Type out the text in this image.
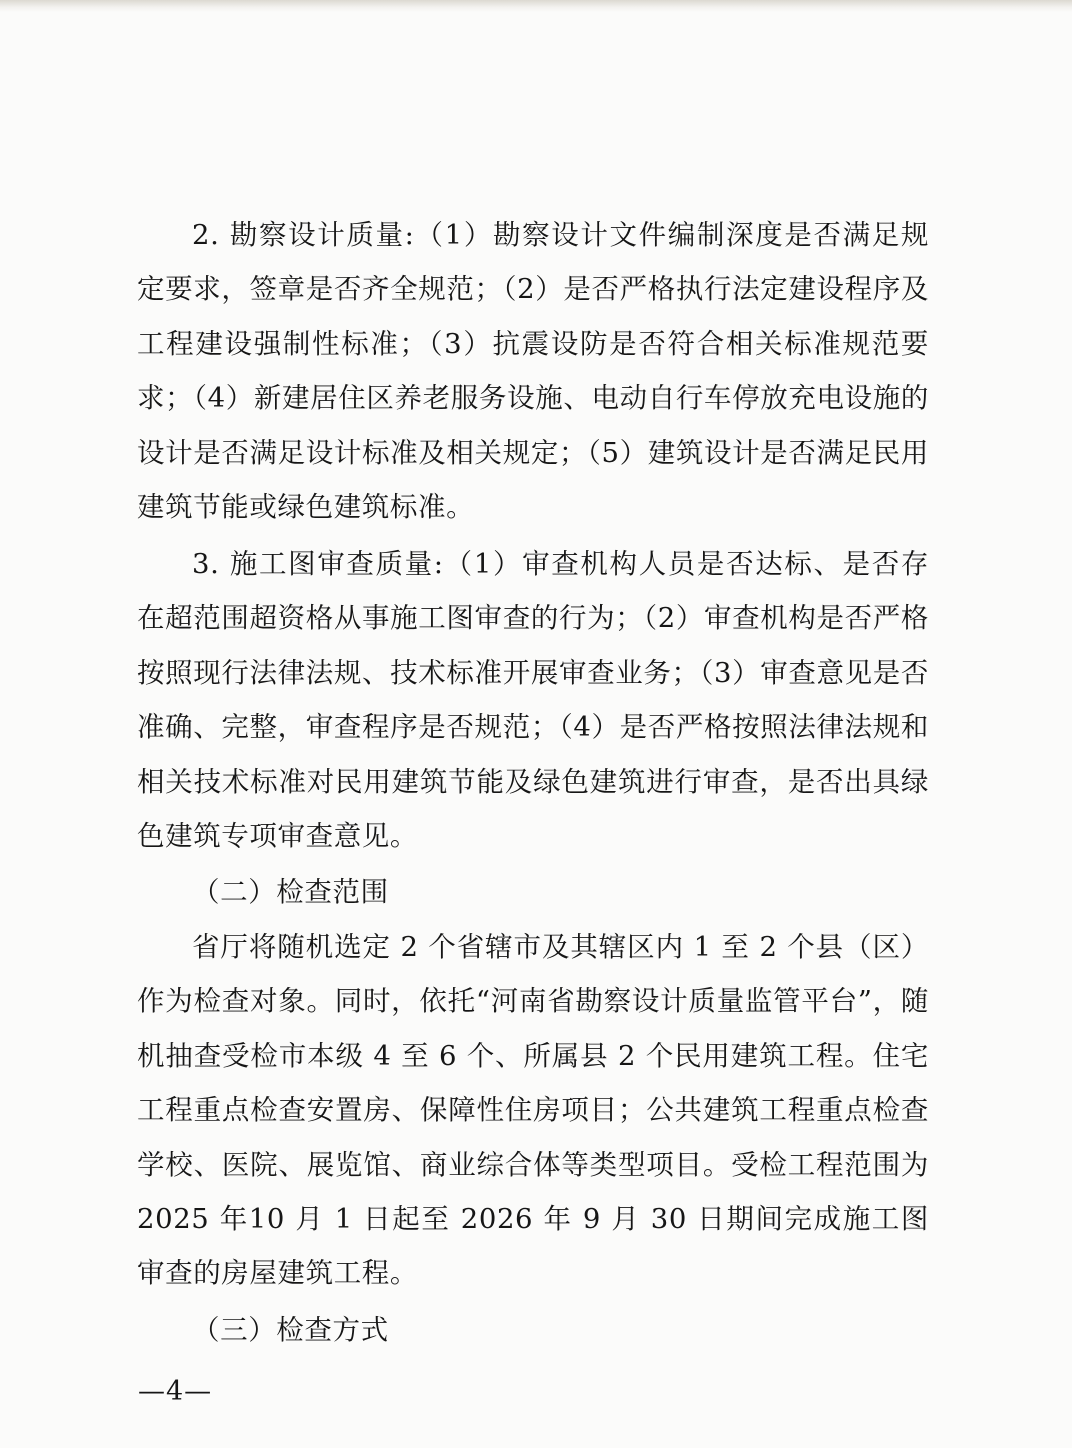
2. 勘察设计质量:（1）勘察设计文件编制深度是否满足规定要求，签章是否齐全规范；（2）是否严格执行法定建设程序及工程建设强制性标准；（3）抗震设防是否符合相关标准规范要求；（4）新建居住区养老服务设施、电动自行车停放充电设施的设计是否满足设计标准及相关规定；（5）建筑设计是否满足民用建筑节能或绿色建筑标准。

3. 施工图审查质量:（1）审查机构人员是否达标、是否存在超范围超资格从事施工图审查的行为；（2）审查机构是否严格按照现行法律法规、技术标准开展审查业务；（3）审查意见是否准确、完整，审查程序是否规范；（4）是否严格按照法律法规和相关技术标准对民用建筑节能及绿色建筑进行审查，是否出具绿色建筑专项审查意见。

（二）检查范围

省厅将随机选定 2 个省辖市及其辖区内 1 至 2 个县（区）作为检查对象。同时，依托“河南省勘察设计质量监管平台”，随机抽查受检市本级 4 至 6 个、所属县 2 个民用建筑工程。住宅工程重点检查安置房、保障性住房项目；公共建筑工程重点检查学校、医院、展览馆、商业综合体等类型项目。受检工程范围为 2025 年10 月 1 日起至 2026 年 9 月 30 日期间完成施工图审查的房屋建筑工程。

（三）检查方式

—4—
